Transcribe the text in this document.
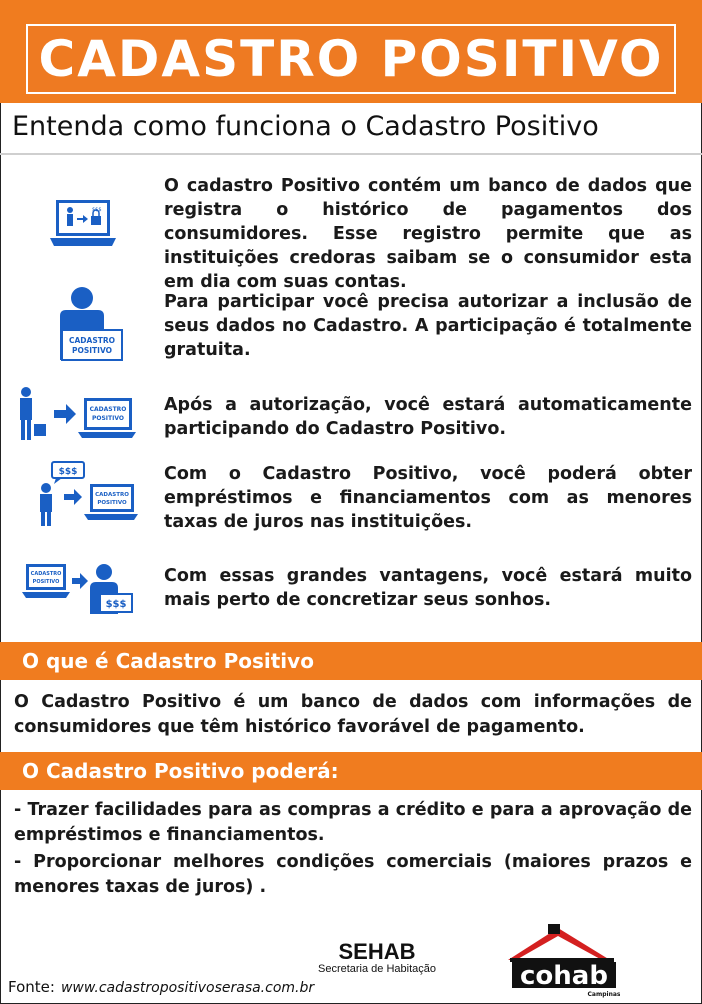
CADASTRO POSITIVO
Entenda como funciona o Cadastro Positivo
$$$
O cadastro Positivo contém um banco de dados que registra o histórico de pagamentos dos consumidores. Esse registro permite que as instituições credoras saibam se o consumidor esta em dia com suas contas.
CADASTRO
POSITIVO
Para participar você precisa autorizar a inclusão de seus dados no Cadastro. A participação é totalmente gratuita.
CADASTRO
POSITIVO
Após a autorização, você estará automaticamente participando do Cadastro Positivo.
$$$
CADASTRO
POSITIVO
Com o Cadastro Positivo, você poderá obter empréstimos e financiamentos com as menores taxas de juros nas instituições.
CADASTRO
POSITIVO
$$$
Com essas grandes vantagens, você estará muito mais perto de concretizar seus sonhos.
O que é Cadastro Positivo
O Cadastro Positivo é um banco de dados com informações de consumidores que têm histórico favorável de pagamento.
O Cadastro Positivo poderá:
- Trazer facilidades para as compras a crédito e para a aprovação de empréstimos e financiamentos.
- Proporcionar melhores condições comerciais (maiores prazos e menores taxas de juros) .
Fonte: www.cadastropositivoserasa.com.br
SEHAB
Secretaria de Habitação	cohab
Campinas
